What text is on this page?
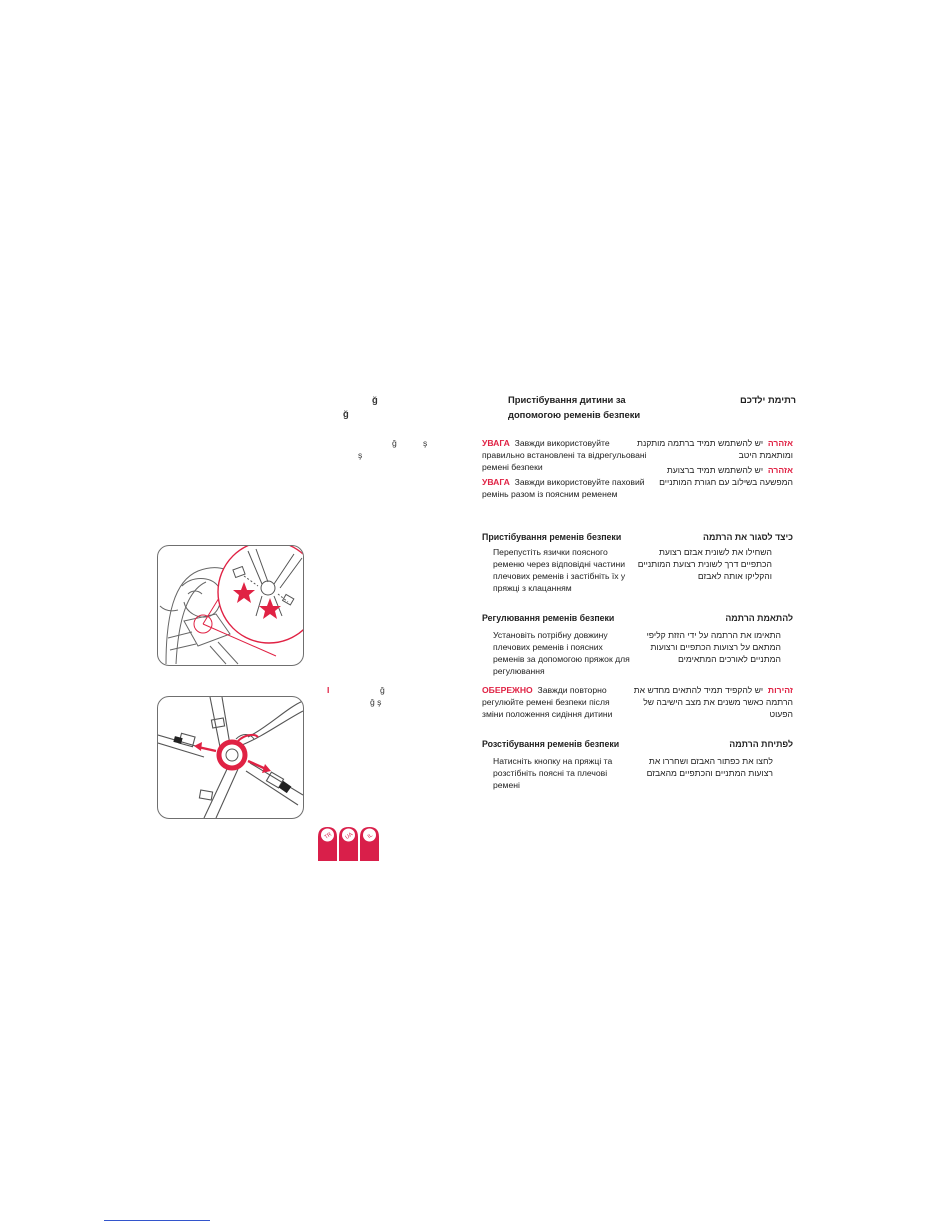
ğ
ğ
ğ           ş
ş
I	ğ
ğ ş
Пристібування дитини за допомогою ременів безпеки
УВАГА Завжди використовуйте правильно встановлені та відрегульовані ремені безпеки
УВАГА Завжди використовуйте паховий ремінь разом із поясним ременем
Пристібування ременів безпеки
Перепустіть язички поясного ременю через відповідні частини плечових ременів і застібніть їх у пряжці з клацанням
Регулювання ременів безпеки
Установіть потрібну довжину плечових ременів і поясних ременів за допомогою пряжок для регулювання
ОБЕРЕЖНО Завжди повторно регулюйте ремені безпеки після зміни положення сидіння дитини
Розстібування ременів безпеки
Натисніть кнопку на пряжці та розстібніть поясні та плечові ремені
רתימת ילדכם
אזהרה  יש להשתמש תמיד ברתמה מותקנת ומותאמת היטב
אזהרה  יש להשתמש תמיד ברצועת המפשעה בשילוב עם חגורת המותניים
כיצד לסגור את הרתמה
השחילו את לשונית אבזם רצועת הכתפיים דרך לשונית רצועת המותניים והקליקו אותה לאבזם
להתאמת הרתמה
התאימו את הרתמה על ידי הזזת קליפי המתאם על רצועות הכתפיים ורצועות המתניים לאורכים המתאימים
זהירות  יש להקפיד תמיד להתאים מחדש את הרתמה כאשר משנים את מצב הישיבה של הפעוט
לפתיחת הרתמה
לחצו את כפתור האבזם ושחררו את רצועות המתניים והכתפיים מהאבזם
TR UA IL
